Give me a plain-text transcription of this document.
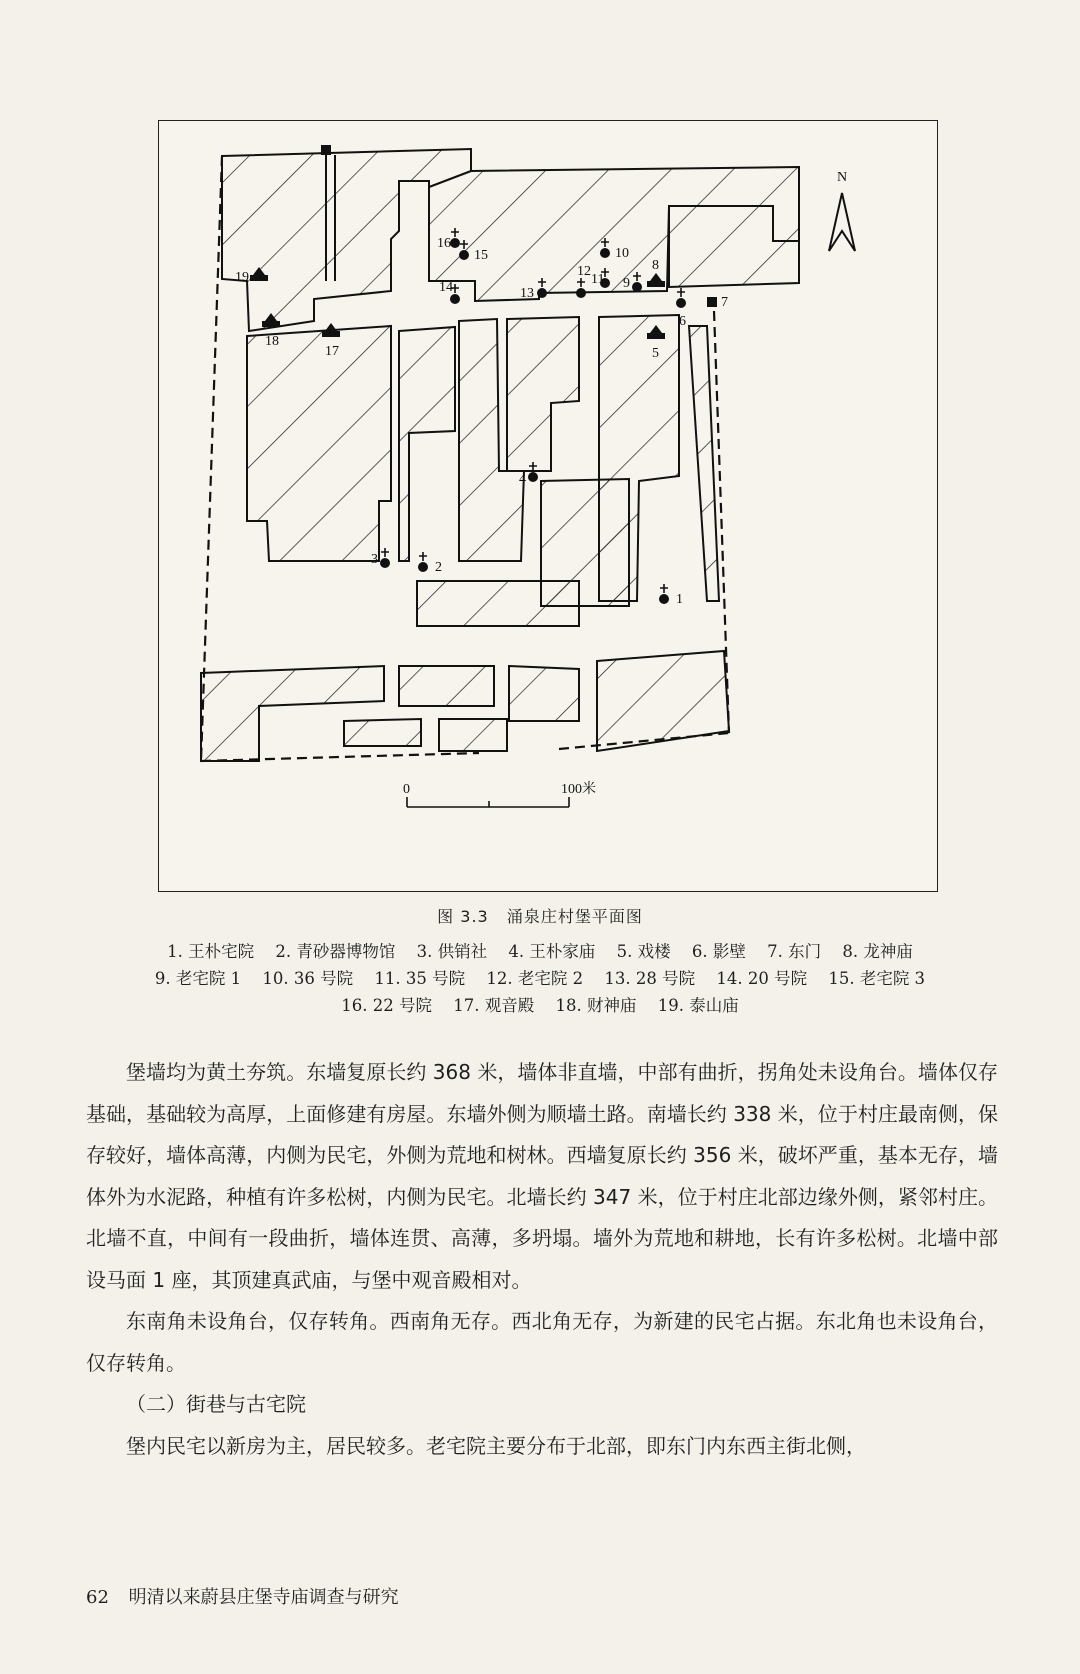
N
0	100米
1
2
3
4
5
6
7
8
9
10
11
12
13
14
15
16
17
18
19
图 3.3 涌泉庄村堡平面图
1. 王朴宅院 2. 青砂器博物馆 3. 供销社 4. 王朴家庙 5. 戏楼 6. 影壁 7. 东门 8. 龙神庙
9. 老宅院 1 10. 36 号院 11. 35 号院 12. 老宅院 2 13. 28 号院 14. 20 号院 15. 老宅院 3
16. 22 号院 17. 观音殿 18. 财神庙 19. 泰山庙

堡墙均为黄土夯筑。东墙复原长约 368 米，墙体非直墙，中部有曲折，拐角处未设角台。墙体仅存基础，基础较为高厚，上面修建有房屋。东墙外侧为顺墙土路。南墙长约 338 米，位于村庄最南侧，保存较好，墙体高薄，内侧为民宅，外侧为荒地和树林。西墙复原长约 356 米，破坏严重，基本无存，墙体外为水泥路，种植有许多松树，内侧为民宅。北墙长约 347 米，位于村庄北部边缘外侧，紧邻村庄。北墙不直，中间有一段曲折，墙体连贯、高薄，多坍塌。墙外为荒地和耕地，长有许多松树。北墙中部设马面 1 座，其顶建真武庙，与堡中观音殿相对。

东南角未设角台，仅存转角。西南角无存。西北角无存，为新建的民宅占据。东北角也未设角台，仅存转角。

（二）街巷与古宅院

堡内民宅以新房为主，居民较多。老宅院主要分布于北部，即东门内东西主街北侧，

62 明清以来蔚县庄堡寺庙调查与研究
